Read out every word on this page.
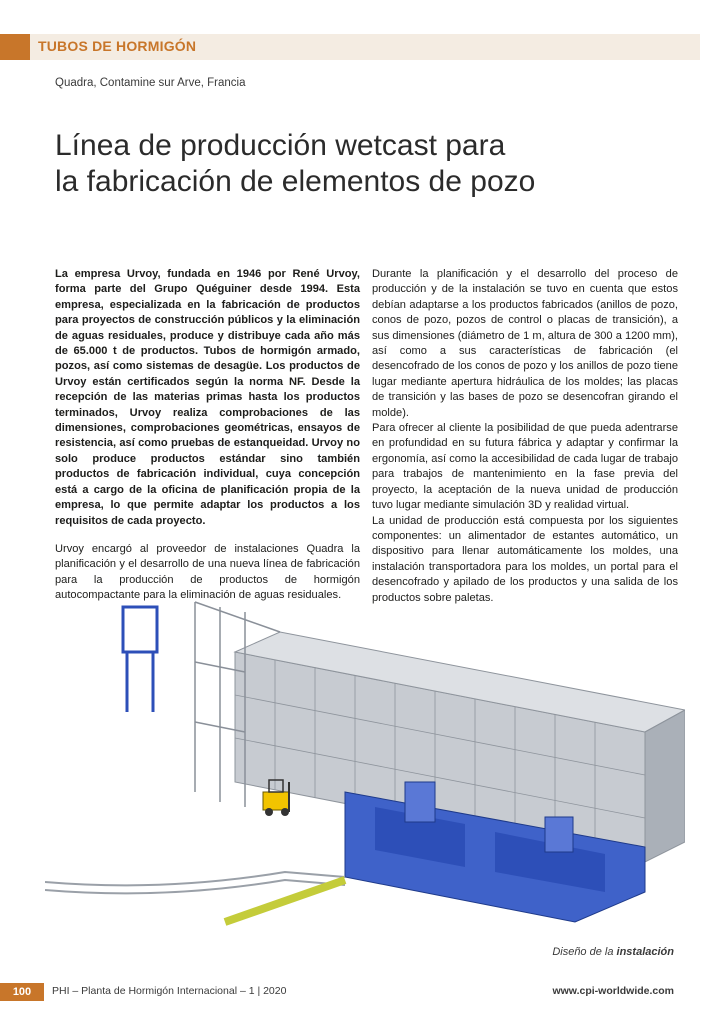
TUBOS DE HORMIGÓN
Quadra, Contamine sur Arve, Francia
Línea de producción wetcast para
la fabricación de elementos de pozo

La empresa Urvoy, fundada en 1946 por René Urvoy, forma parte del Grupo Quéguiner desde 1994. Esta empresa, especializada en la fabricación de productos para proyectos de construcción públicos y la eliminación de aguas residuales, produce y distribuye cada año más de 65.000 t de productos. Tubos de hormigón armado, pozos, así como sistemas de desagüe. Los productos de Urvoy están certificados según la norma NF. Desde la recepción de las materias primas hasta los productos terminados, Urvoy realiza comprobaciones de las dimensiones, comprobaciones geométricas, ensayos de resistencia, así como pruebas de estanqueidad. Urvoy no solo produce productos estándar sino también productos de fabricación individual, cuya concepción está a cargo de la oficina de planificación propia de la empresa, lo que permite adaptar los productos a los requisitos de cada proyecto.

Urvoy encargó al proveedor de instalaciones Quadra la planificación y el desarrollo de una nueva línea de fabricación para la producción de productos de hormigón autocompactante para la eliminación de aguas residuales.

Durante la planificación y el desarrollo del proceso de producción y de la instalación se tuvo en cuenta que estos debían adaptarse a los productos fabricados (anillos de pozo, conos de pozo, pozos de control o placas de transición), a sus dimensiones (diámetro de 1 m, altura de 300 a 1200 mm), así como a sus características de fabricación (el desencofrado de los conos de pozo y los anillos de pozo tiene lugar mediante apertura hidráulica de los moldes; las placas de transición y las bases de pozo se desencofran girando el molde).

Para ofrecer al cliente la posibilidad de que pueda adentrarse en profundidad en su futura fábrica y adaptar y confirmar la ergonomía, así como la accesibilidad de cada lugar de trabajo para trabajos de mantenimiento en la fase previa del proyecto, la aceptación de la nueva unidad de producción tuvo lugar mediante simulación 3D y realidad virtual.

La unidad de producción está compuesta por los siguientes componentes: un alimentador de estantes automático, un dispositivo para llenar automáticamente los moldes, una instalación transportadora para los moldes, un portal para el desencofrado y apilado de los productos y una salida de los productos sobre paletas.

Diseño de la instalación
100	PHI – Planta de Hormigón Internacional – 1 | 2020	www.cpi-worldwide.com
